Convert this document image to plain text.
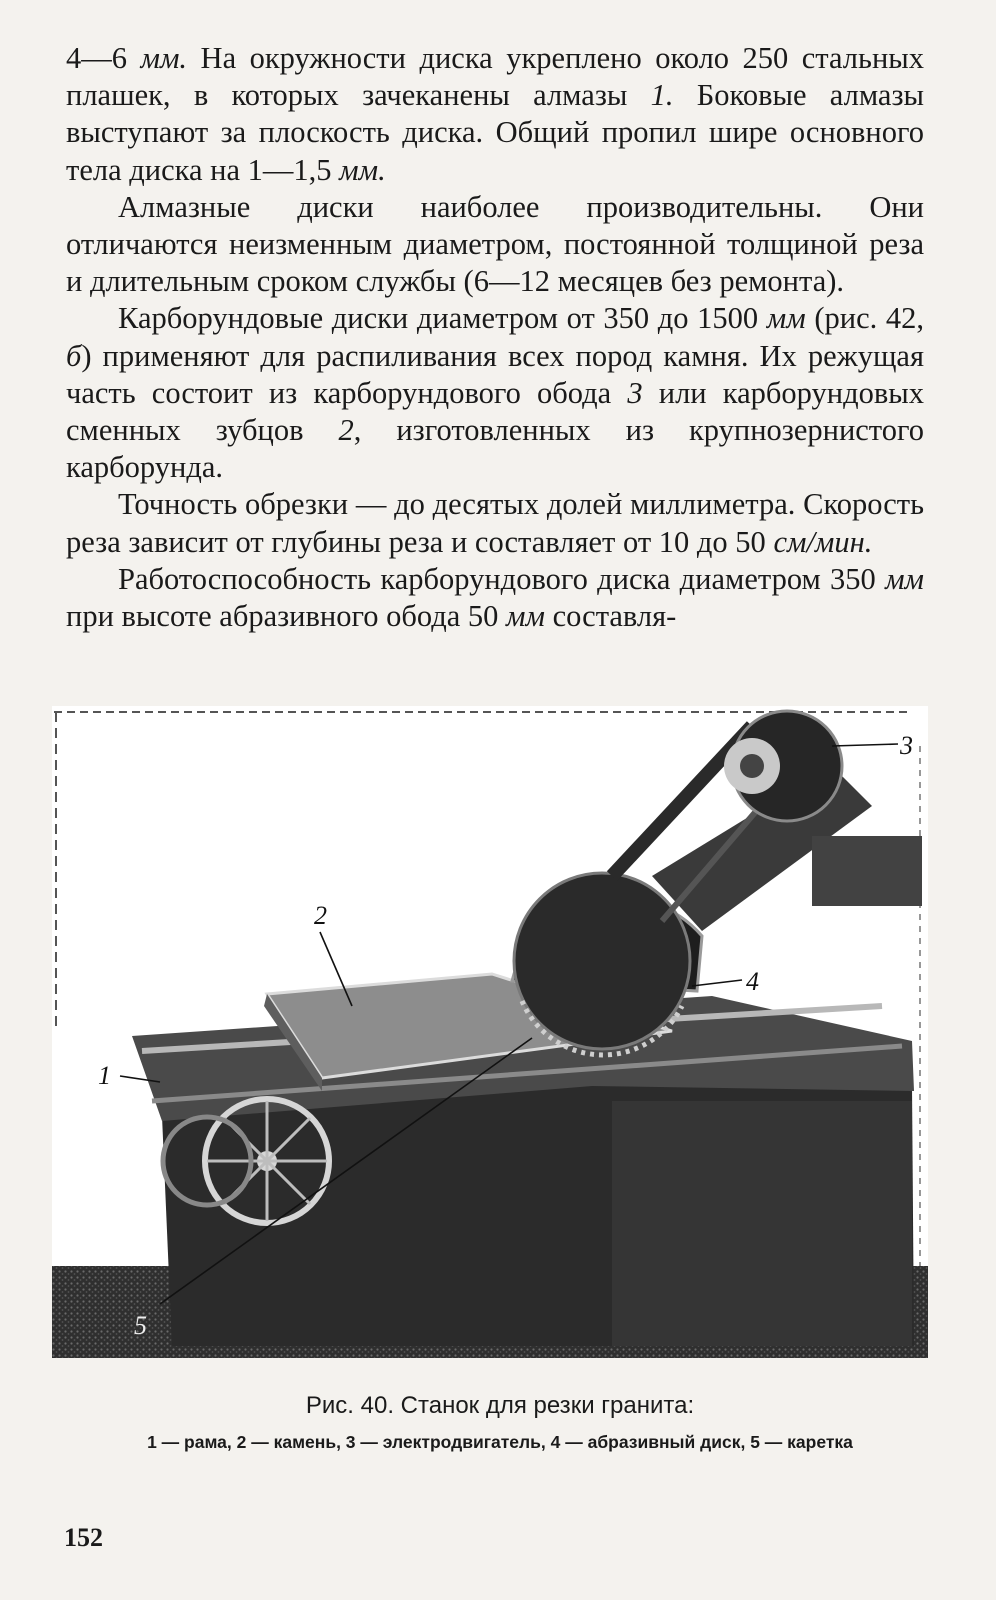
4—6 мм. На окружности диска укреплено около 250 стальных плашек, в которых зачеканены алмазы 1. Боковые алмазы выступают за плоскость диска. Общий пропил шире основного тела диска на 1—1,5 мм.

Алмазные диски наиболее производительны. Они отличаются неизменным диаметром, постоянной толщиной реза и длительным сроком службы (6—12 месяцев без ремонта).

Карборундовые диски диаметром от 350 до 1500 мм (рис. 42, б) применяют для распиливания всех пород камня. Их режущая часть состоит из карборундового обода 3 или карборундовых сменных зубцов 2, изготовленных из крупнозернистого карборунда.

Точность обрезки — до десятых долей миллиметра. Скорость реза зависит от глубины реза и составляет от 10 до 50 см/мин.

Работоспособность карборундового диска диаметром 350 мм при высоте абразивного обода 50 мм составля-

2
3
4
1
5
Рис. 40. Станок для резки гранита:
1 — рама, 2 — камень, 3 — электродвигатель, 4 — абразивный диск, 5 — каретка
152
